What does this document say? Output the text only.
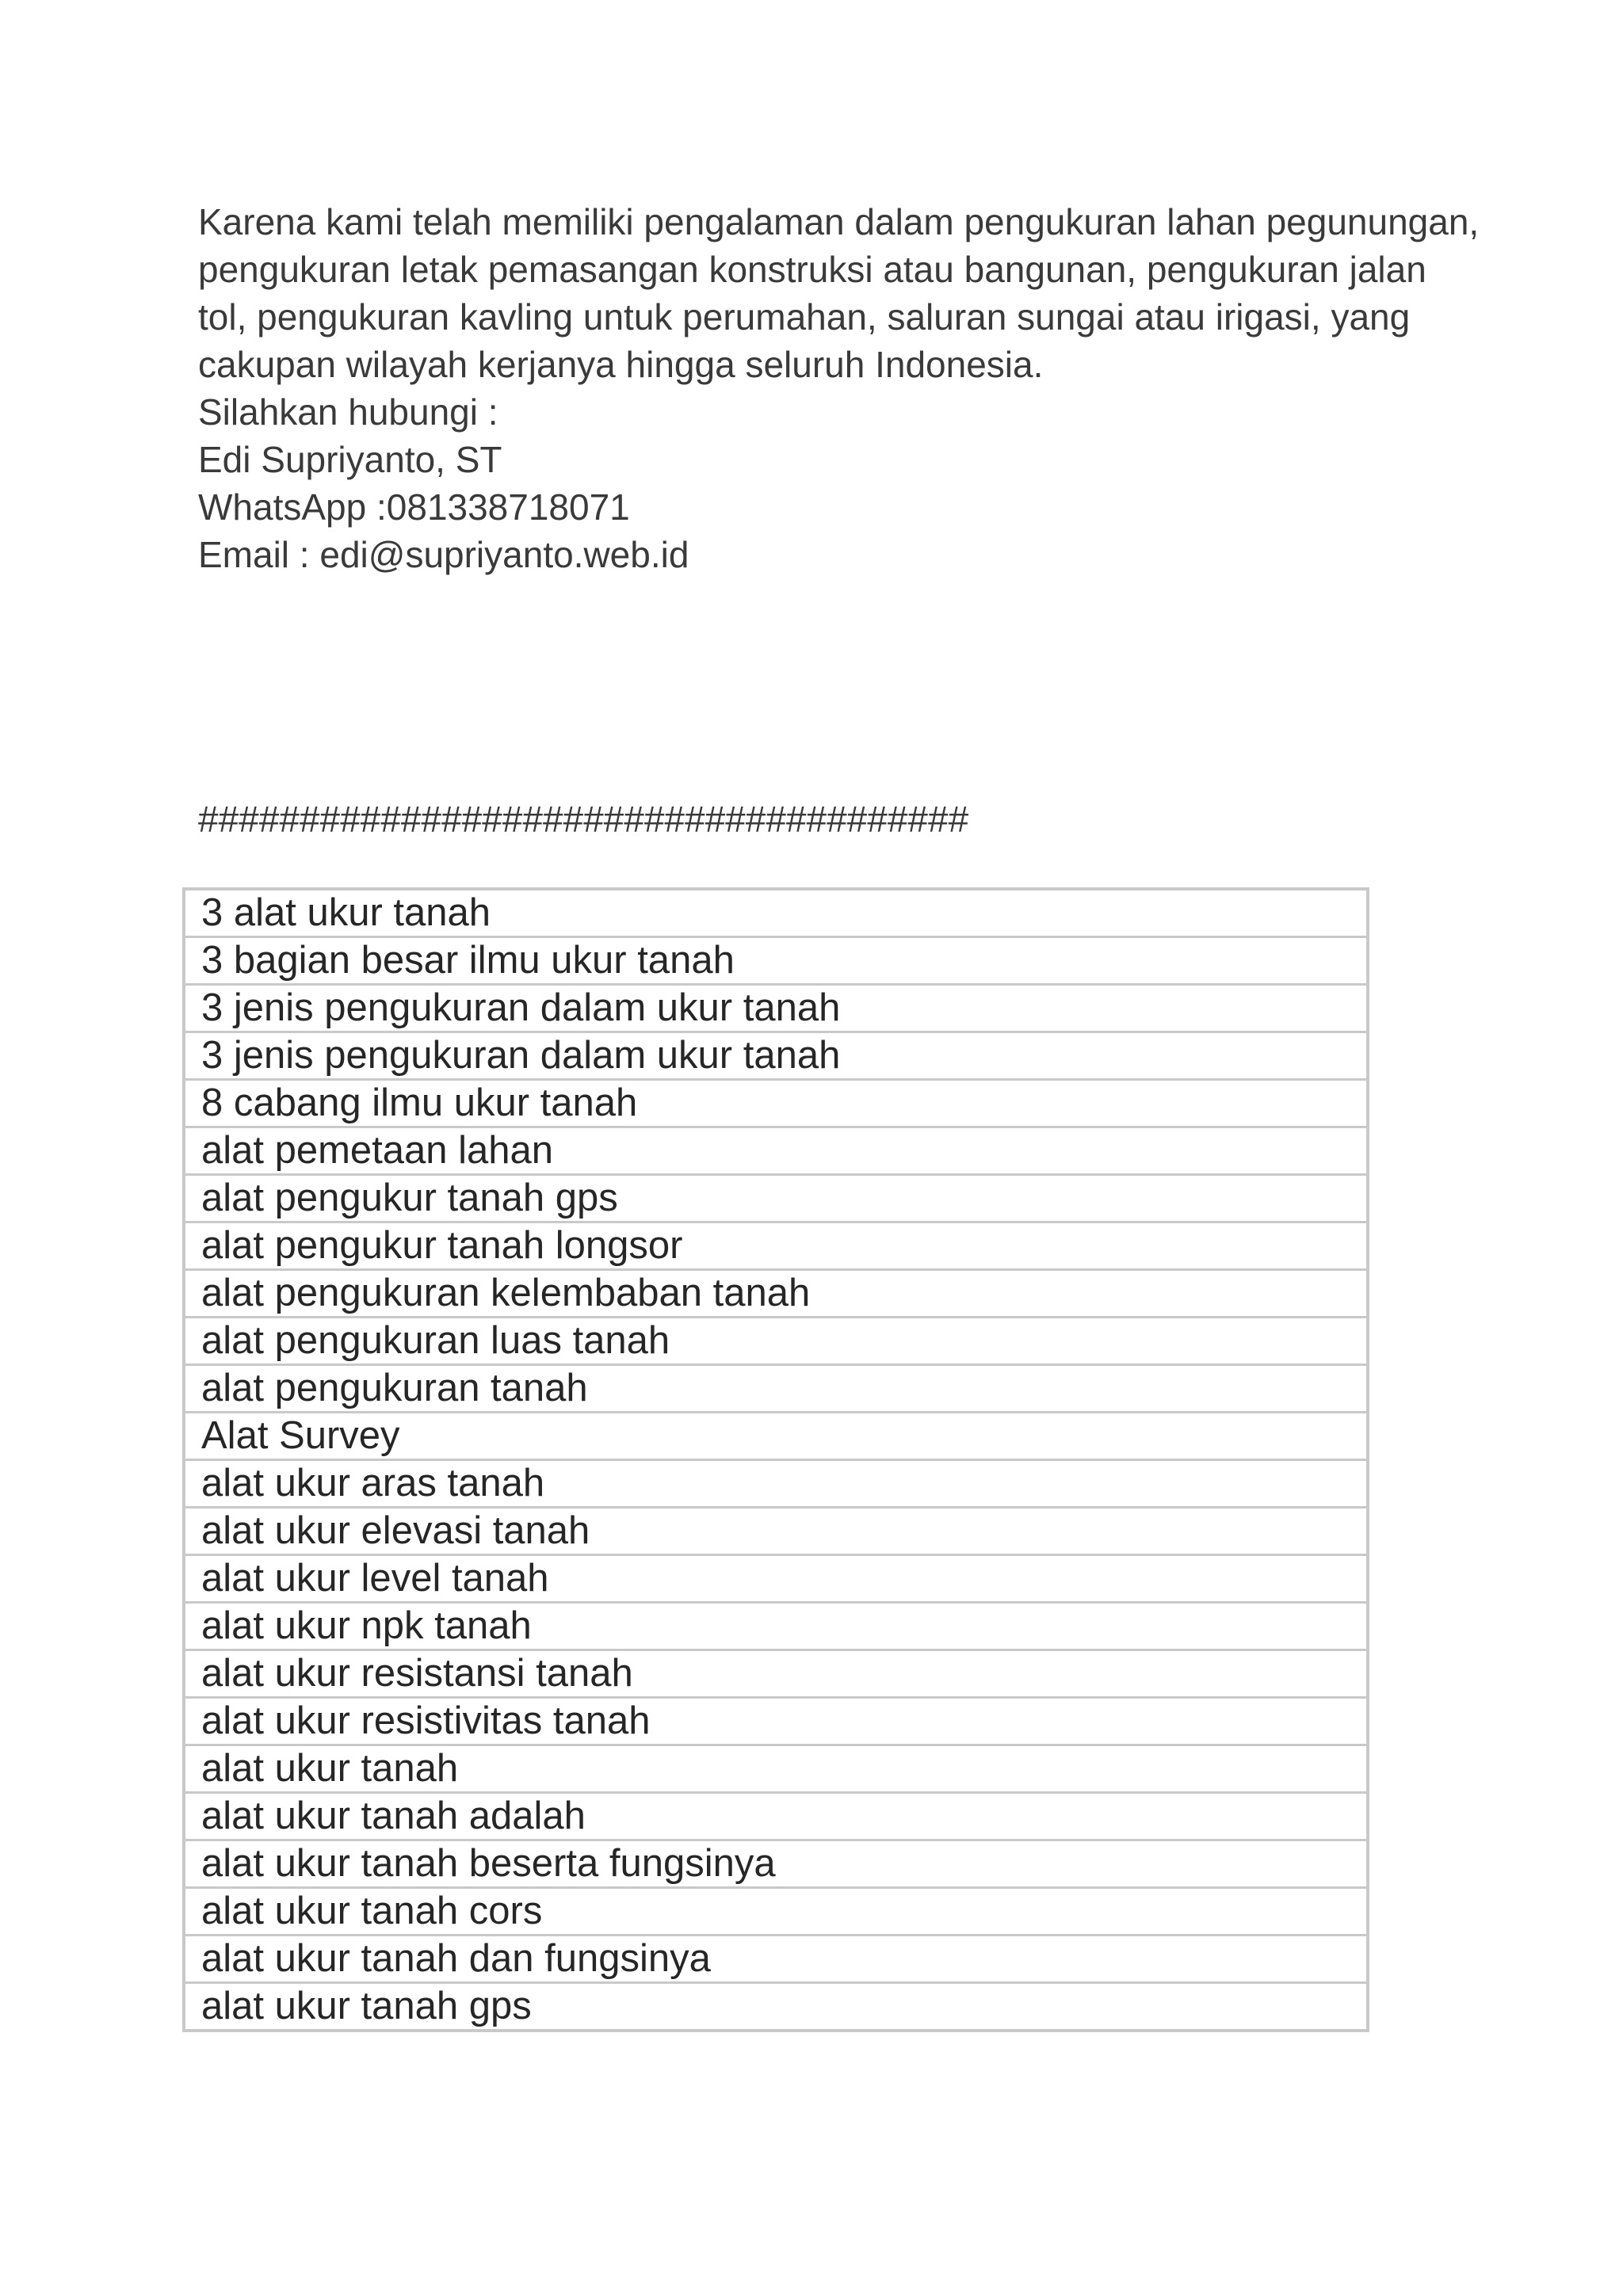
Karena kami telah memiliki pengalaman dalam pengukuran lahan pegunungan, pengukuran letak pemasangan konstruksi atau bangunan, pengukuran jalan tol, pengukuran kavling untuk perumahan, saluran sungai atau irigasi, yang cakupan wilayah kerjanya hingga seluruh Indonesia.

Silahkan hubungi :

Edi Supriyanto, ST
WhatsApp :081338718071
Email : edi@supriyanto.web.id
######################################
3 alat ukur tanah
3 bagian besar ilmu ukur tanah
3 jenis pengukuran dalam ukur tanah
3 jenis pengukuran dalam ukur tanah
8 cabang ilmu ukur tanah
alat pemetaan lahan
alat pengukur tanah gps
alat pengukur tanah longsor
alat pengukuran kelembaban tanah
alat pengukuran luas tanah
alat pengukuran tanah
Alat Survey
alat ukur aras tanah
alat ukur elevasi tanah
alat ukur level tanah
alat ukur npk tanah
alat ukur resistansi tanah
alat ukur resistivitas tanah
alat ukur tanah
alat ukur tanah adalah
alat ukur tanah beserta fungsinya
alat ukur tanah cors
alat ukur tanah dan fungsinya
alat ukur tanah gps
